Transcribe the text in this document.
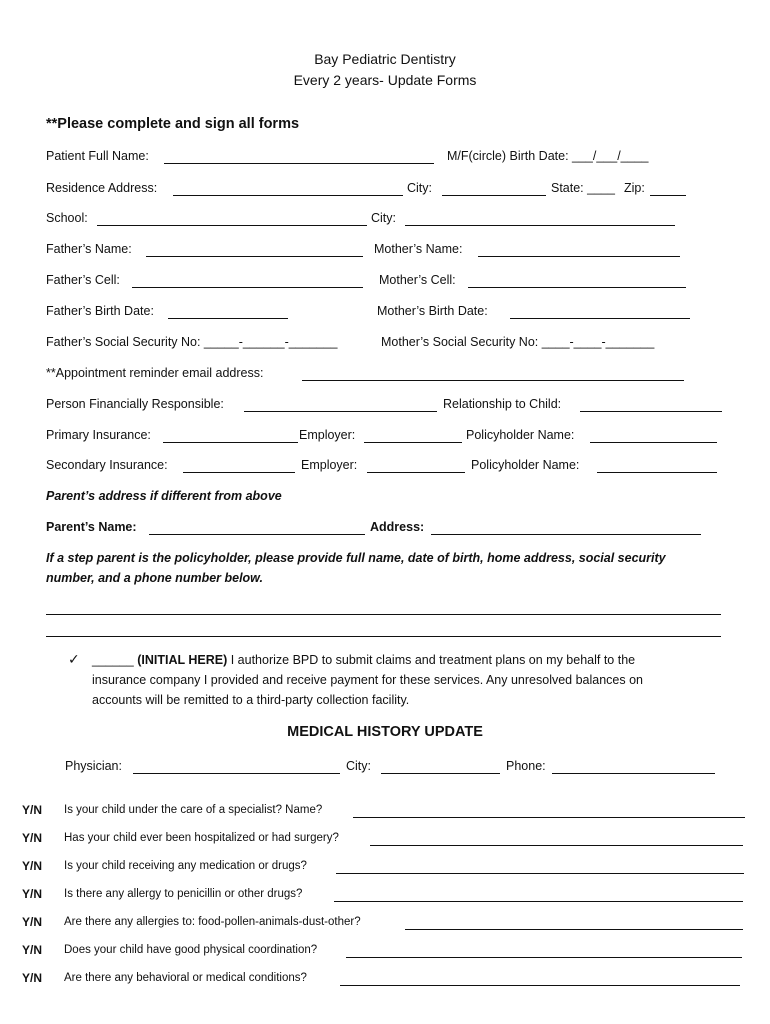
Bay Pediatric Dentistry
Every 2 years- Update Forms
**Please complete and sign all forms
Patient Full Name:	M/F(circle) Birth Date: ___/___/____
Residence Address:	City:	State: ____ Zip:
School:	City:
Father’s Name:	Mother’s Name:
Father’s Cell:	Mother’s Cell:
Father’s Birth Date:	Mother’s Birth Date:
Father’s Social Security No: _____-______-_______	Mother’s Social Security No: ____-____-_______
**Appointment reminder email address:
Person Financially Responsible:	Relationship to Child:
Primary Insurance:	Employer:	Policyholder Name:
Secondary Insurance:	Employer:	Policyholder Name:
Parent’s address if different from above
Parent’s Name:	Address:
If a step parent is the policyholder, please provide full name, date of birth, home address, social security
number, and a phone number below.
✓ ______ (INITIAL HERE) I authorize BPD to submit claims and treatment plans on my behalf to the
insurance company I provided and receive payment for these services. Any unresolved balances on
accounts will be remitted to a third-party collection facility.
MEDICAL HISTORY UPDATE
Physician:	City:	Phone:
Y/N Is your child under the care of a specialist? Name?
Y/N Has your child ever been hospitalized or had surgery?
Y/N Is your child receiving any medication or drugs?
Y/N Is there any allergy to penicillin or other drugs?
Y/N Are there any allergies to: food-pollen-animals-dust-other?
Y/N Does your child have good physical coordination?
Y/N Are there any behavioral or medical conditions?
